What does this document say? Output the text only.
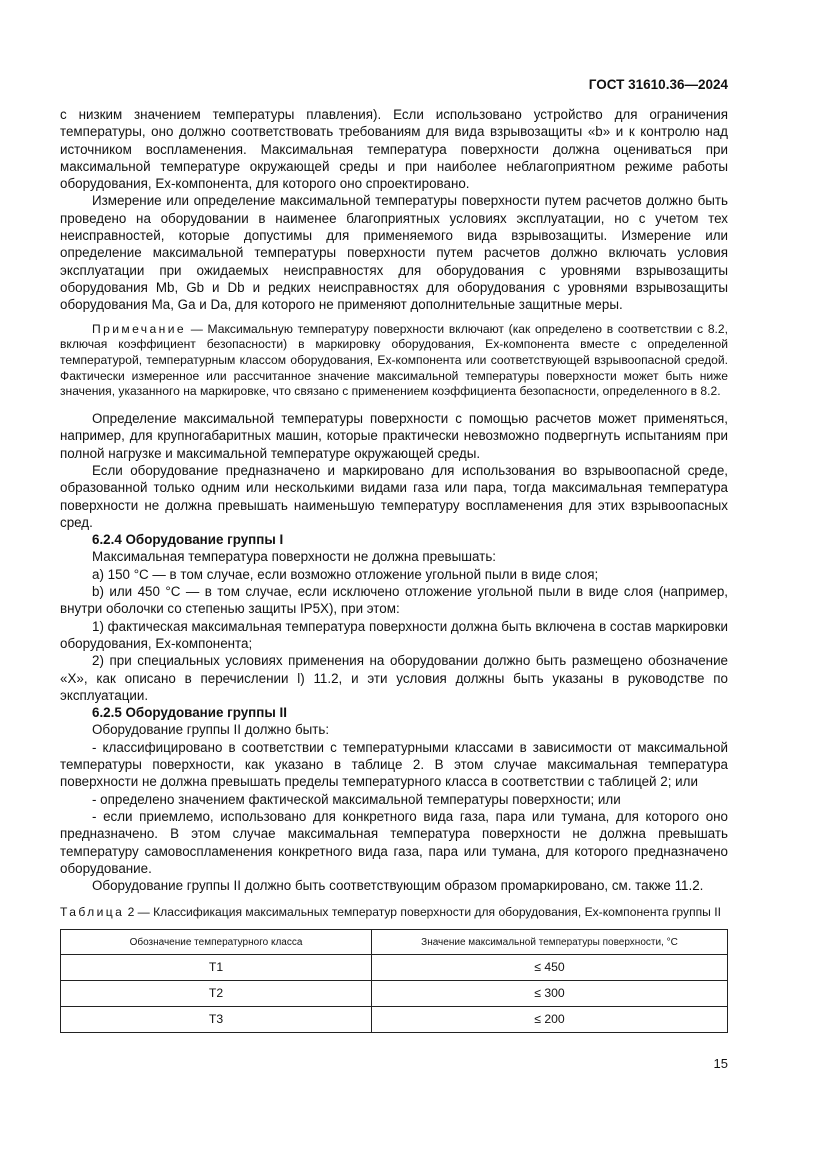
ГОСТ 31610.36—2024

с низким значением температуры плавления). Если использовано устройство для ограничения температуры, оно должно соответствовать требованиям для вида взрывозащиты «b» и к контролю над источником воспламенения. Максимальная температура поверхности должна оцениваться при максимальной температуре окружающей среды и при наиболее неблагоприятном режиме работы оборудования, Ex-компонента, для которого оно спроектировано.

Измерение или определение максимальной температуры поверхности путем расчетов должно быть проведено на оборудовании в наименее благоприятных условиях эксплуатации, но с учетом тех неисправностей, которые допустимы для применяемого вида взрывозащиты. Измерение или определение максимальной температуры поверхности путем расчетов должно включать условия эксплуатации при ожидаемых неисправностях для оборудования с уровнями взрывозащиты оборудования Mb, Gb и Db и редких неисправностях для оборудования с уровнями взрывозащиты оборудования Ma, Ga и Da, для которого не применяют дополнительные защитные меры.

Примечание — Максимальную температуру поверхности включают (как определено в соответствии с 8.2, включая коэффициент безопасности) в маркировку оборудования, Ex-компонента вместе с определенной температурой, температурным классом оборудования, Ex-компонента или соответствующей взрывоопасной средой. Фактически измеренное или рассчитанное значение максимальной температуры поверхности может быть ниже значения, указанного на маркировке, что связано с применением коэффициента безопасности, определенного в 8.2.

Определение максимальной температуры поверхности с помощью расчетов может применяться, например, для крупногабаритных машин, которые практически невозможно подвергнуть испытаниям при полной нагрузке и максимальной температуре окружающей среды.

Если оборудование предназначено и маркировано для использования во взрывоопасной среде, образованной только одним или несколькими видами газа или пара, тогда максимальная температура поверхности не должна превышать наименьшую температуру воспламенения для этих взрывоопасных сред.

6.2.4 Оборудование группы I

Максимальная температура поверхности не должна превышать:

а) 150 °С — в том случае, если возможно отложение угольной пыли в виде слоя;

b) или 450 °С — в том случае, если исключено отложение угольной пыли в виде слоя (например, внутри оболочки со степенью защиты IP5X), при этом:

1) фактическая максимальная температура поверхности должна быть включена в состав маркировки оборудования, Ex-компонента;

2) при специальных условиях применения на оборудовании должно быть размещено обозначение «X», как описано в перечислении l) 11.2, и эти условия должны быть указаны в руководстве по эксплуатации.

6.2.5 Оборудование группы II

Оборудование группы II должно быть:

- классифицировано в соответствии с температурными классами в зависимости от максимальной температуры поверхности, как указано в таблице 2. В этом случае максимальная температура поверхности не должна превышать пределы температурного класса в соответствии с таблицей 2; или

- определено значением фактической максимальной температуры поверхности; или

- если приемлемо, использовано для конкретного вида газа, пара или тумана, для которого оно предназначено. В этом случае максимальная температура поверхности не должна превышать температуру самовоспламенения конкретного вида газа, пара или тумана, для которого предназначено оборудование.

Оборудование группы II должно быть соответствующим образом промаркировано, см. также 11.2.

Таблица 2 — Классификация максимальных температур поверхности для оборудования, Ex-компонента группы II

Обозначение температурного класса	Значение максимальной температуры поверхности, °С
T1	≤ 450
T2	≤ 300
T3	≤ 200
15
